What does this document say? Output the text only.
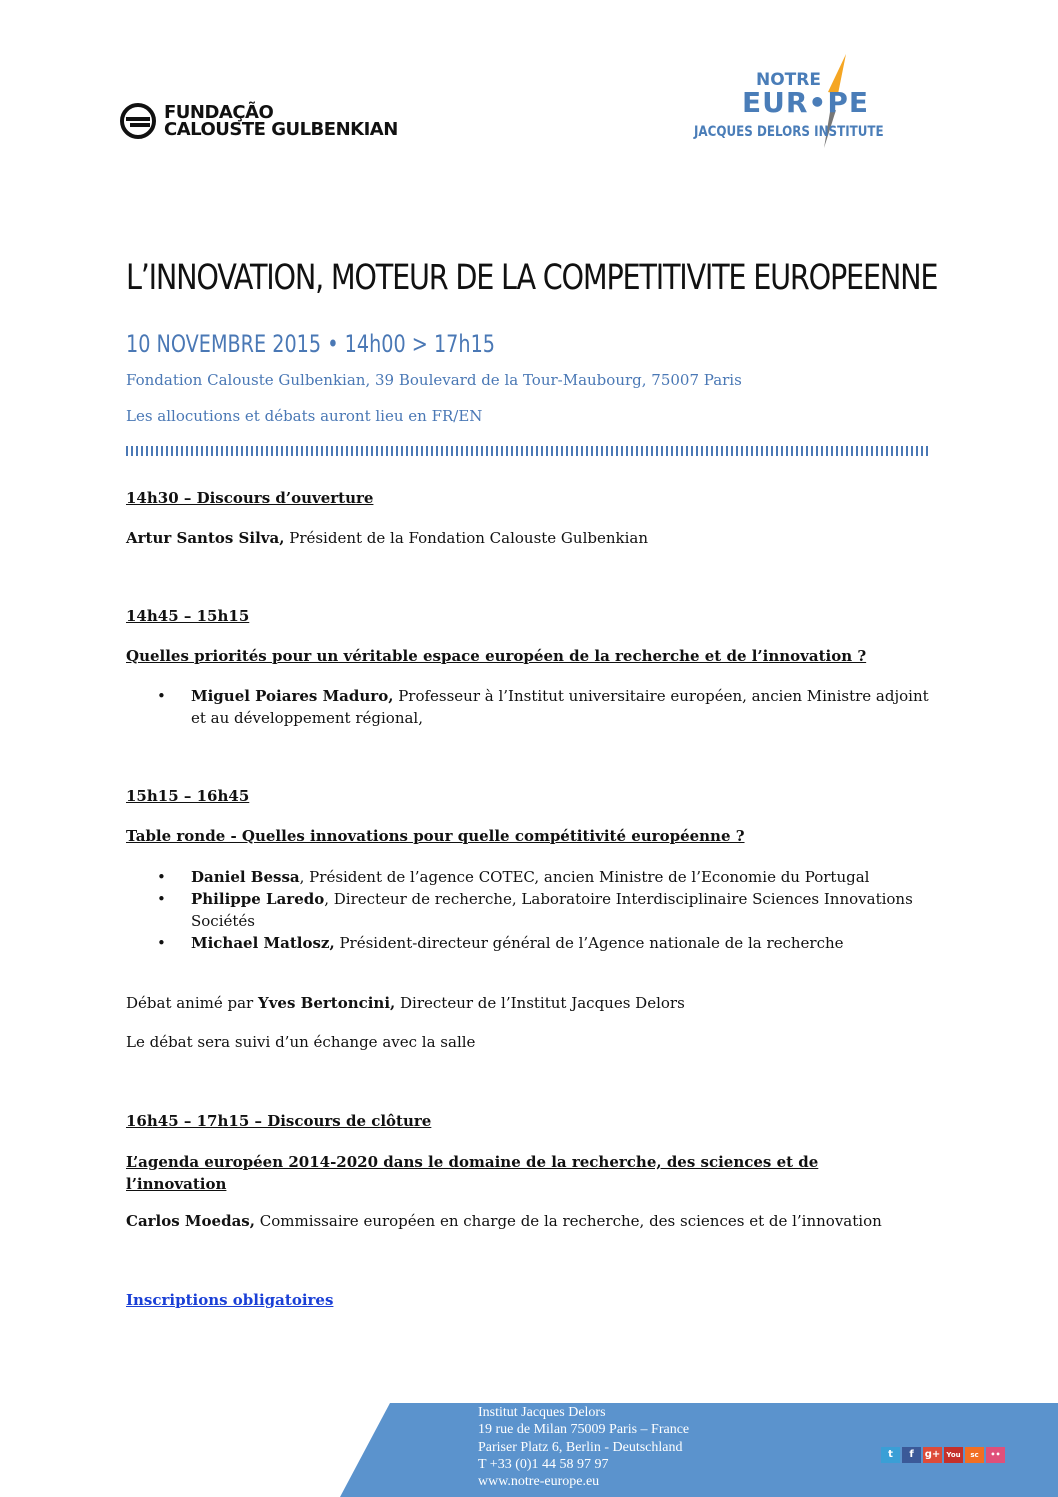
FUNDAÇÃO
CALOUSTE GULBENKIAN
NOTRE
EUR•PE
JACQUES DELORS INSTITUTE
L’INNOVATION, MOTEUR DE LA COMPETITIVITE EUROPEENNE
10 NOVEMBRE 2015 • 14h00 > 17h15
Fondation Calouste Gulbenkian, 39 Boulevard de la Tour-Maubourg, 75007 Paris
Les allocutions et débats auront lieu en FR/EN
14h30 – Discours d’ouverture
Artur Santos Silva, Président de la Fondation Calouste Gulbenkian
14h45 – 15h15
Quelles priorités pour un véritable espace européen de la recherche et de l’innovation ?
• Miguel Poiares Maduro, Professeur à l’Institut universitaire européen, ancien Ministre adjoint et au développement régional,
15h15 – 16h45
Table ronde - Quelles innovations pour quelle compétitivité européenne ?
• Daniel Bessa, Président de l’agence COTEC, ancien Ministre de l’Economie du Portugal
• Philippe Laredo, Directeur de recherche, Laboratoire Interdisciplinaire Sciences Innovations Sociétés
• Michael Matlosz, Président-directeur général de l’Agence nationale de la recherche
Débat animé par Yves Bertoncini, Directeur de l’Institut Jacques Delors
Le débat sera suivi d’un échange avec la salle
16h45 – 17h15 – Discours de clôture
L’agenda européen 2014-2020 dans le domaine de la recherche, des sciences et de l’innovation
Carlos Moedas, Commissaire européen en charge de la recherche, des sciences et de l’innovation
Inscriptions obligatoires
Institut Jacques Delors
19 rue de Milan 75009 Paris – France
Pariser Platz 6, Berlin - Deutschland
T +33 (0)1 44 58 97 97
www.notre-europe.eu
t	f	g+ You	sc	••
